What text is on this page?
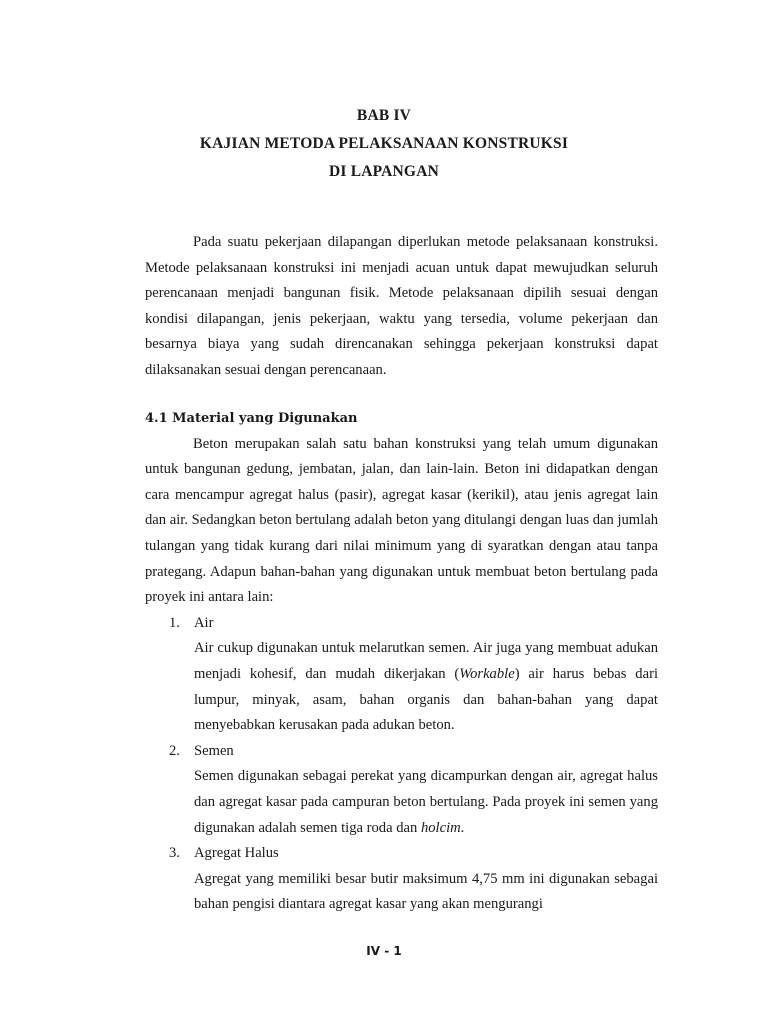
BAB IV
KAJIAN METODA PELAKSANAAN KONSTRUKSI
DI LAPANGAN

Pada suatu pekerjaan dilapangan diperlukan metode pelaksanaan konstruksi. Metode pelaksanaan konstruksi ini menjadi acuan untuk dapat mewujudkan seluruh perencanaan menjadi bangunan fisik. Metode pelaksanaan dipilih sesuai dengan kondisi dilapangan, jenis pekerjaan, waktu yang tersedia, volume pekerjaan dan besarnya biaya yang sudah direncanakan sehingga pekerjaan konstruksi dapat dilaksanakan sesuai dengan perencanaan.

4.1 Material yang Digunakan

Beton merupakan salah satu bahan konstruksi yang telah umum digunakan untuk bangunan gedung, jembatan, jalan, dan lain-lain. Beton ini didapatkan dengan cara mencampur agregat halus (pasir), agregat kasar (kerikil), atau jenis agregat lain dan air. Sedangkan beton bertulang adalah beton yang ditulangi dengan luas dan jumlah tulangan yang tidak kurang dari nilai minimum yang di syaratkan dengan atau tanpa prategang. Adapun bahan-bahan yang digunakan untuk membuat beton bertulang pada proyek ini antara lain:

1. Air

Air cukup digunakan untuk melarutkan semen. Air juga yang membuat adukan menjadi kohesif, dan mudah dikerjakan (Workable) air harus bebas dari lumpur, minyak, asam, bahan organis dan bahan-bahan yang dapat menyebabkan kerusakan pada adukan beton.

2. Semen

Semen digunakan sebagai perekat yang dicampurkan dengan air, agregat halus dan agregat kasar pada campuran beton bertulang. Pada proyek ini semen yang digunakan adalah semen tiga roda dan holcim.

3. Agregat Halus

Agregat yang memiliki besar butir maksimum 4,75 mm ini digunakan sebagai bahan pengisi diantara agregat kasar yang akan mengurangi

IV - 1
